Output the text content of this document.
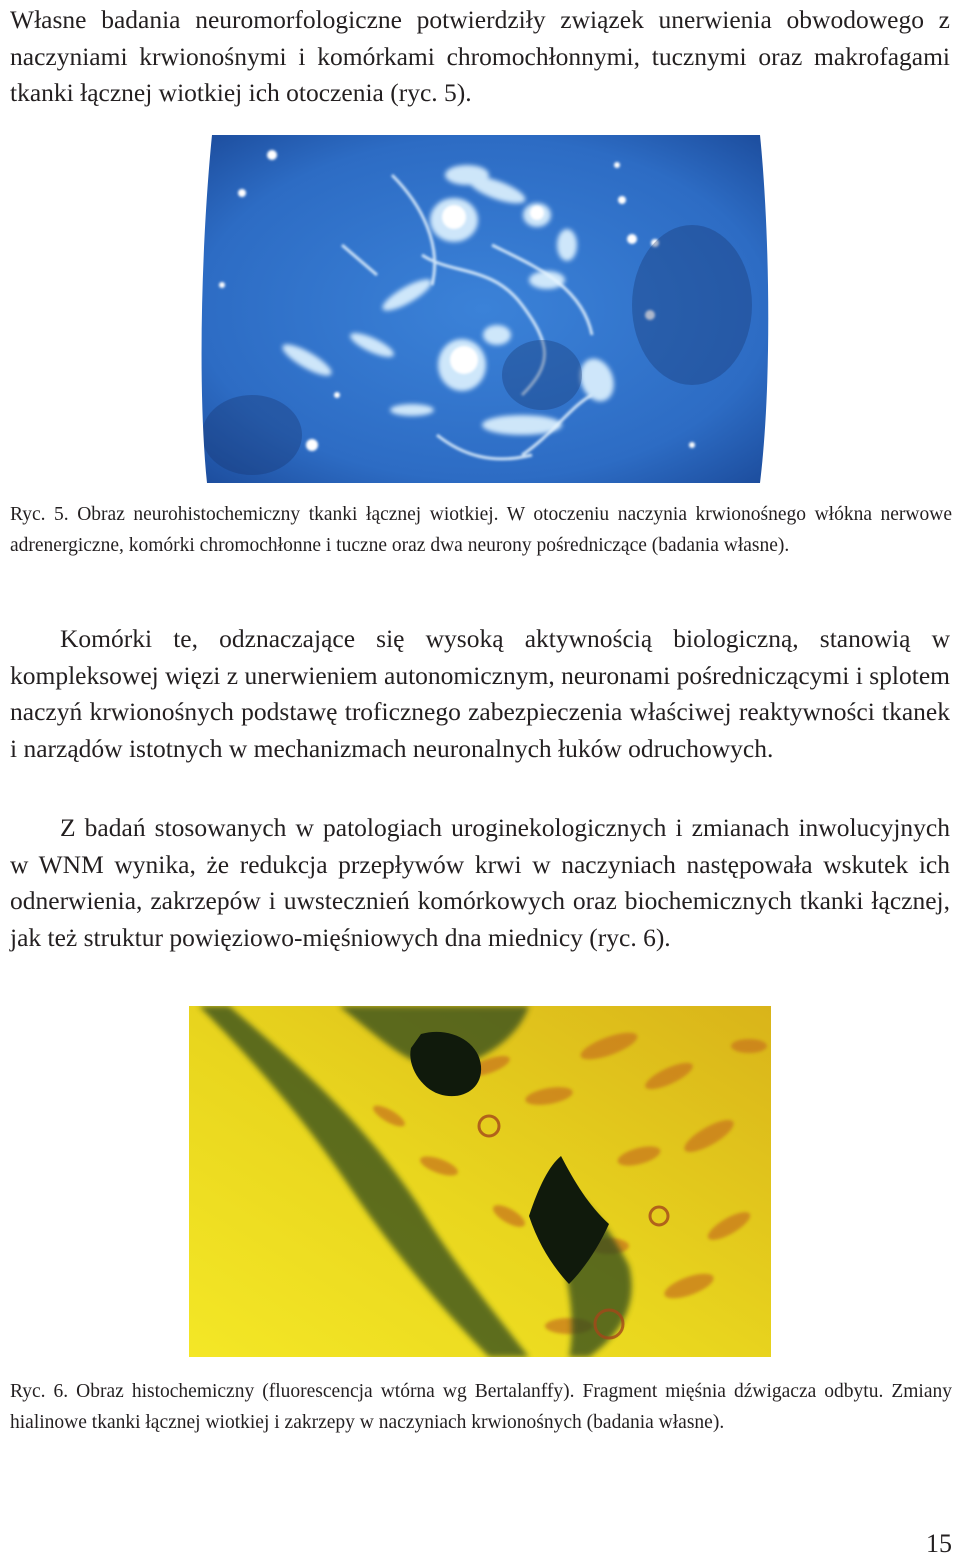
Własne badania neuromorfologiczne potwierdziły związek unerwienia obwodowego z naczyniami krwionośnymi i komórkami chromochłonnymi, tucznymi oraz makrofagami tkanki łącznej wiotkiej ich otoczenia (ryc. 5).

Ryc. 5. Obraz neurohistochemiczny tkanki łącznej wiotkiej. W otoczeniu naczynia krwionośnego włókna nerwowe adrenergiczne, komórki chromochłonne i tuczne oraz dwa neurony pośredniczące (badania własne).

Komórki te, odznaczające się wysoką aktywnością biologiczną, stanowią w kompleksowej więzi z unerwieniem autonomicznym, neuronami pośredniczącymi i splotem naczyń krwionośnych podstawę troficznego zabezpieczenia właściwej reaktywności tkanek i narządów istotnych w mechanizmach neuronalnych łuków odruchowych.

Z badań stosowanych w patologiach uroginekologicznych i zmianach inwolucyjnych w WNM wynika, że redukcja przepływów krwi w naczyniach następowała wskutek ich odnerwienia, zakrzepów i uwstecznień komórkowych oraz biochemicznych tkanki łącznej, jak też struktur powięziowo-mięśniowych dna miednicy (ryc. 6).

Ryc. 6. Obraz histochemiczny (fluorescencja wtórna wg Bertalanffy). Fragment mięśnia dźwigacza odbytu. Zmiany hialinowe tkanki łącznej wiotkiej i zakrzepy w naczyniach krwionośnych (badania własne).

15
